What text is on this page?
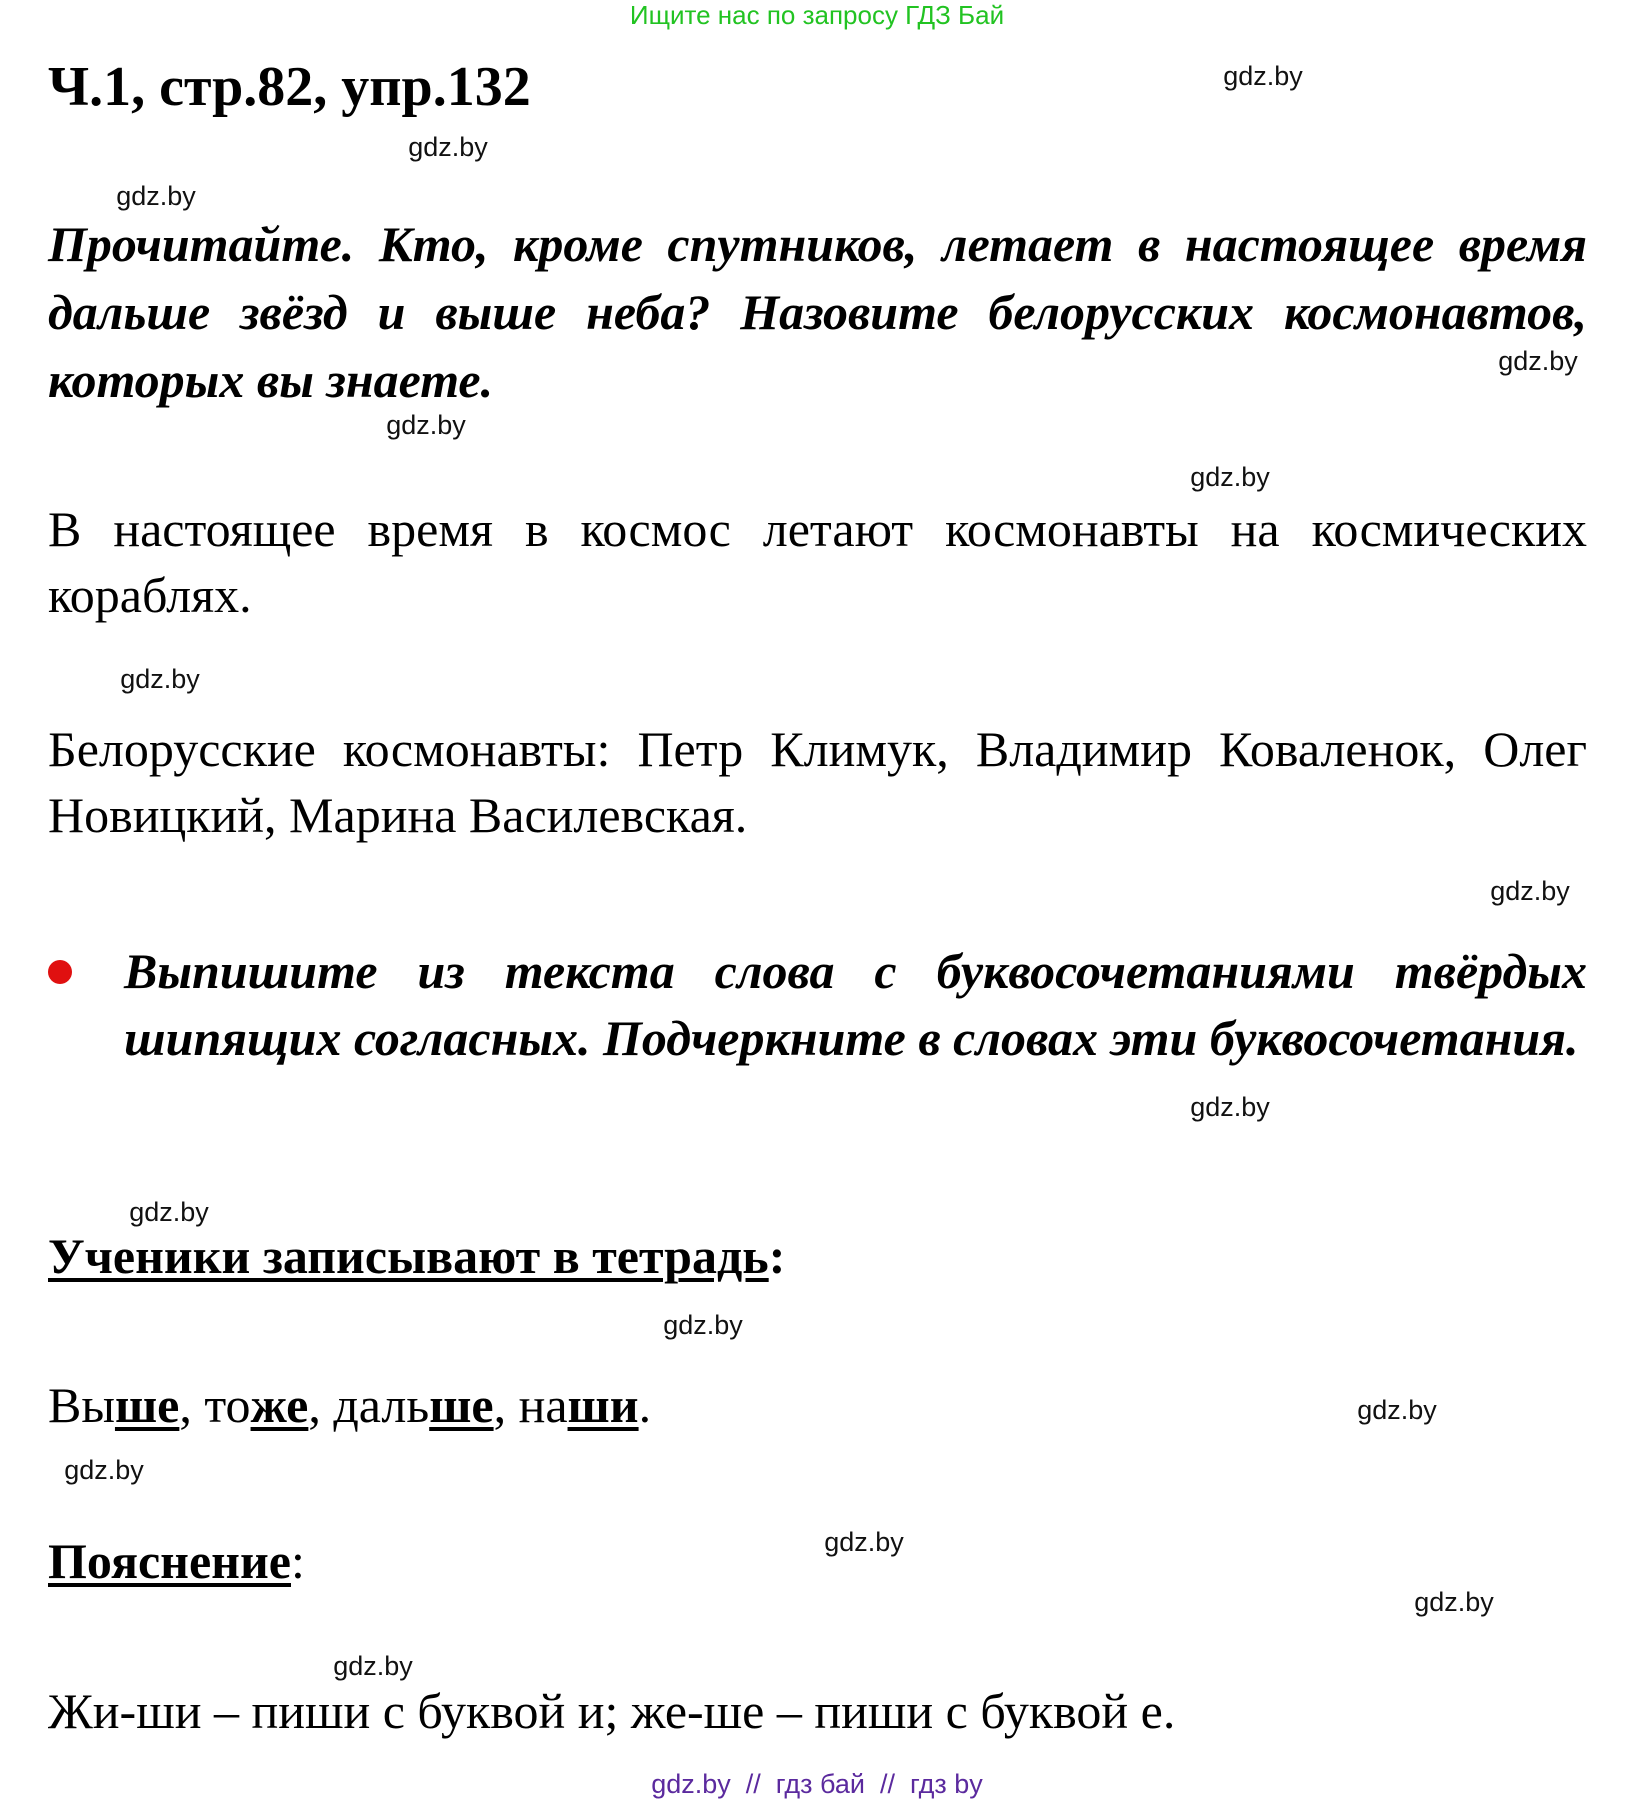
Ищите нас по запросу ГДЗ Бай
Ч.1, стр.82, упр.132
Прочитайте. Кто, кроме спутников, летает в настоящее время дальше звёзд и выше неба? Назовите белорусских космонавтов, которых вы знаете.
В настоящее время в космос летают космонавты на космических кораблях.
Белорусские космонавты: Петр Климук, Владимир Коваленок, Олег Новицкий, Марина Василевская.
Выпишите из текста слова с буквосочетаниями твёрдых шипящих согласных. Подчеркните в словах эти буквосочетания.
Ученики записывают в тетрадь:
Выше, тоже, дальше, наши.
Пояснение:
Жи-ши – пиши с буквой и; же-ше – пиши с буквой е.
gdz.by
gdz.by
gdz.by
gdz.by
gdz.by
gdz.by
gdz.by
gdz.by
gdz.by
gdz.by
gdz.by
gdz.by
gdz.by
gdz.by
gdz.by
gdz.by
gdz.by  //  гдз бай  //  гдз by
